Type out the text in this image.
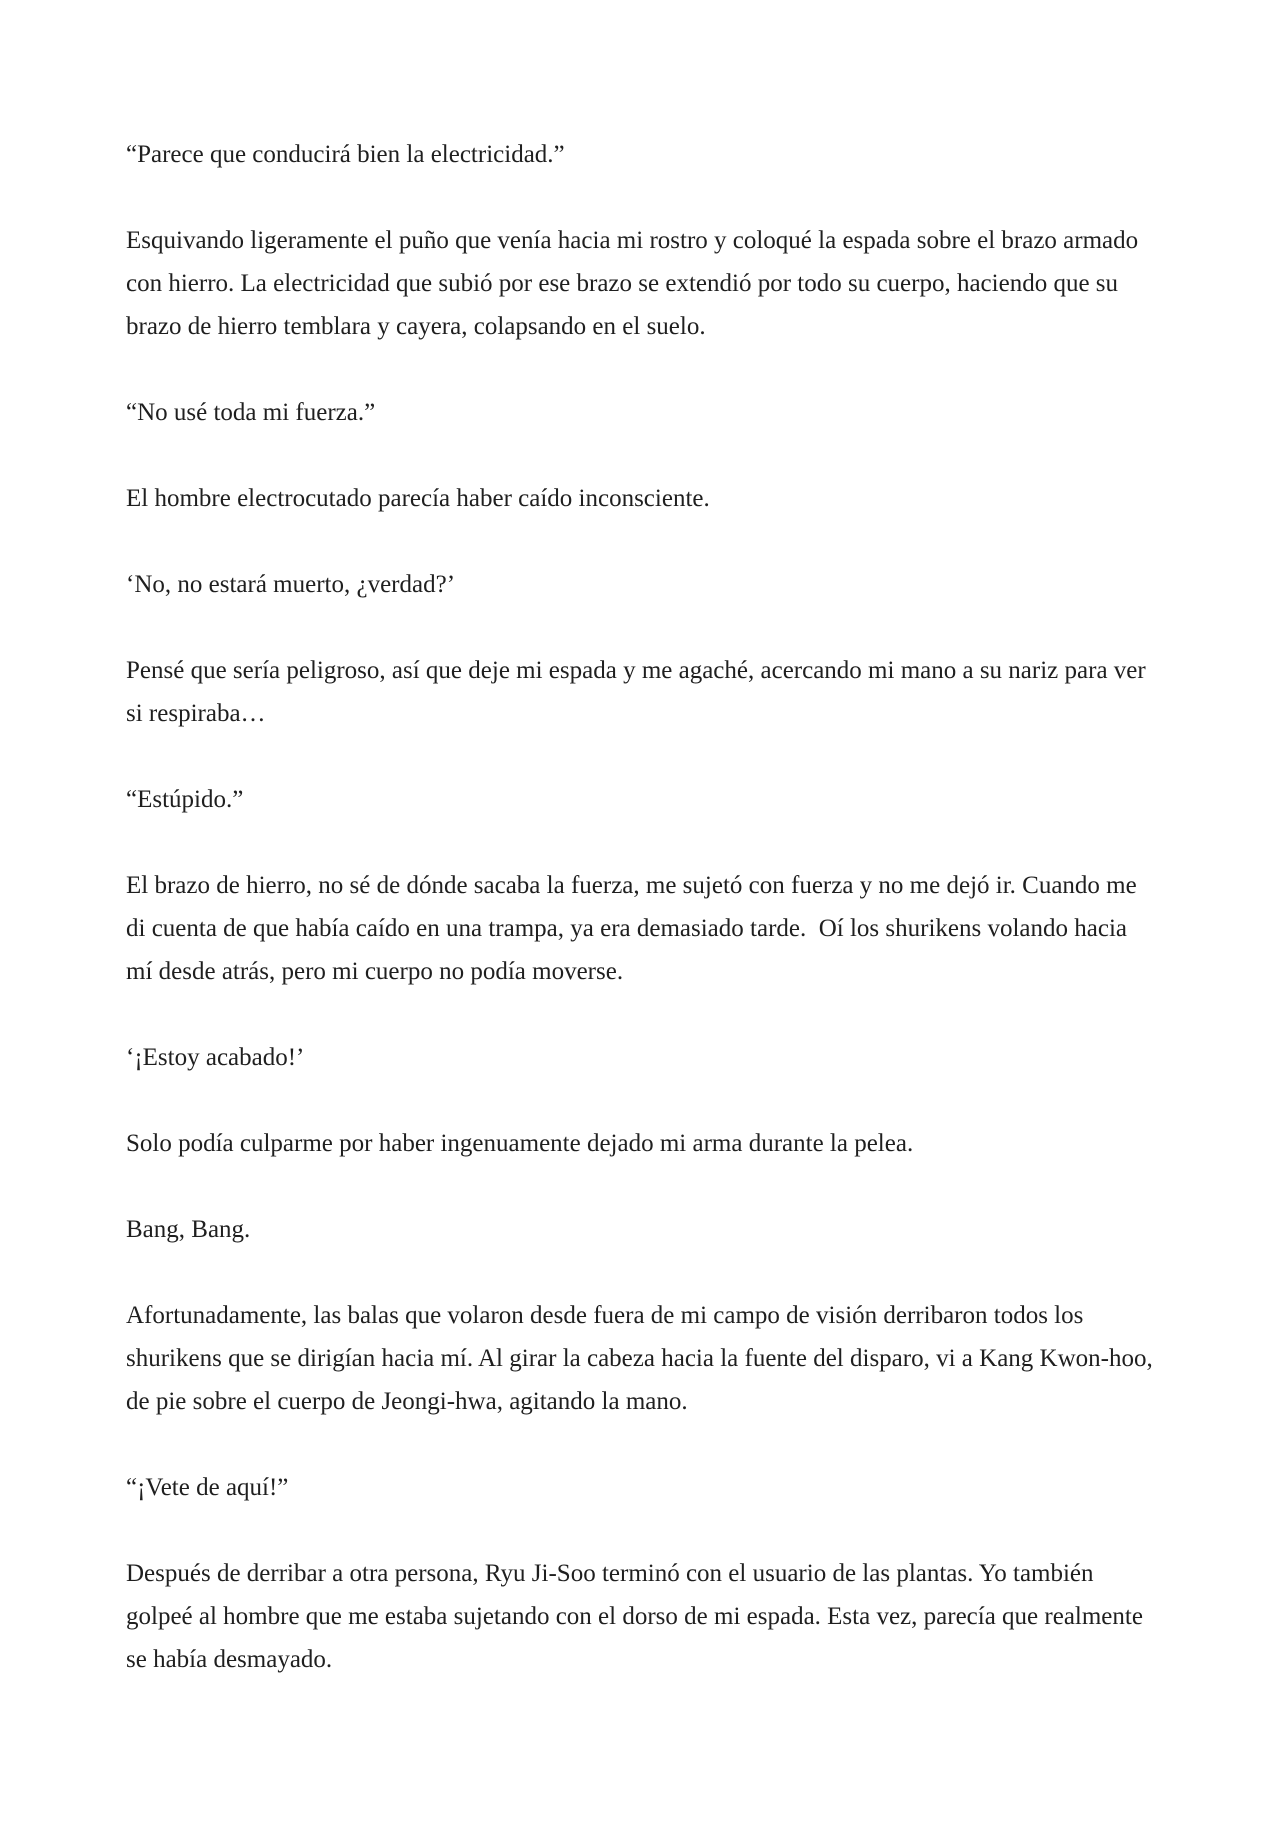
“Parece que conducirá bien la electricidad.”

Esquivando ligeramente el puño que venía hacia mi rostro y coloqué la espada sobre el brazo armado con hierro. La electricidad que subió por ese brazo se extendió por todo su cuerpo, haciendo que su brazo de hierro temblara y cayera, colapsando en el suelo.

“No usé toda mi fuerza.”

El hombre electrocutado parecía haber caído inconsciente.

‘No, no estará muerto, ¿verdad?’

Pensé que sería peligroso, así que deje mi espada y me agaché, acercando mi mano a su nariz para ver si respiraba…

“Estúpido.”

El brazo de hierro, no sé de dónde sacaba la fuerza, me sujetó con fuerza y no me dejó ir. Cuando me di cuenta de que había caído en una trampa, ya era demasiado tarde.  Oí los shurikens volando hacia mí desde atrás, pero mi cuerpo no podía moverse.

‘¡Estoy acabado!’

Solo podía culparme por haber ingenuamente dejado mi arma durante la pelea.

Bang, Bang.

Afortunadamente, las balas que volaron desde fuera de mi campo de visión derribaron todos los shurikens que se dirigían hacia mí. Al girar la cabeza hacia la fuente del disparo, vi a Kang Kwon-hoo, de pie sobre el cuerpo de Jeongi-hwa, agitando la mano.

“¡Vete de aquí!”

Después de derribar a otra persona, Ryu Ji-Soo terminó con el usuario de las plantas. Yo también golpeé al hombre que me estaba sujetando con el dorso de mi espada. Esta vez, parecía que realmente se había desmayado.
